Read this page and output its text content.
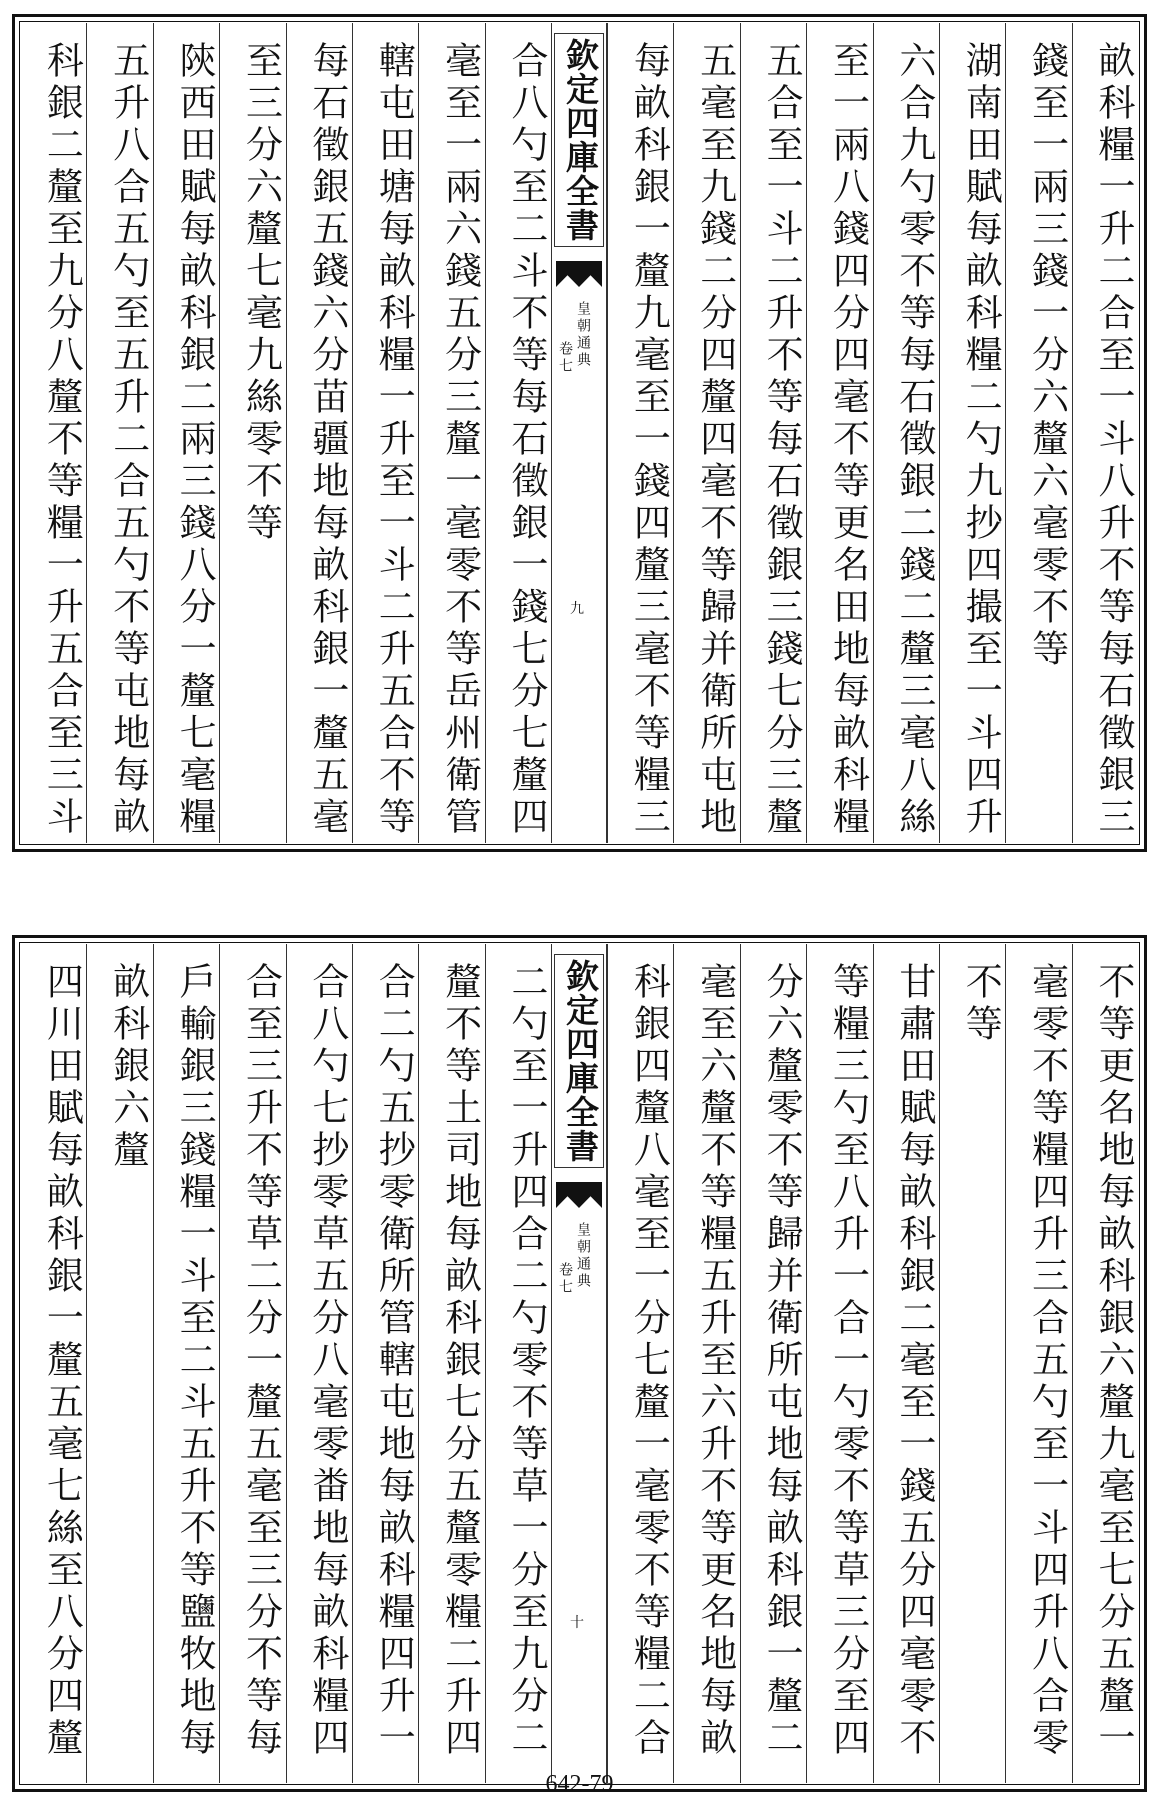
畝科糧一升二合至一斗八升不等每石徵銀三
錢至一兩三錢一分六釐六毫零不等
湖南田賦每畝科糧二勺九抄四撮至一斗四升
六合九勺零不等每石徵銀二錢二釐三毫八絲
至一兩八錢四分四毫不等更名田地每畝科糧
五合至一斗二升不等每石徵銀三錢七分三釐
五毫至九錢二分四釐四毫不等歸并衛所屯地
每畝科銀一釐九毫至一錢四釐三毫不等糧三
欽定四庫全書
皇朝通典
卷七
九
合八勺至二斗不等每石徵銀一錢七分七釐四
毫至一兩六錢五分三釐一毫零不等岳州衛管
轄屯田塘每畝科糧一升至一斗二升五合不等
每石徵銀五錢六分苗疆地每畝科銀一釐五毫
至三分六釐七毫九絲零不等
陝西田賦每畝科銀二兩三錢八分一釐七毫糧
五升八合五勺至五升二合五勺不等屯地每畝
科銀二釐至九分八釐不等糧一升五合至三斗
不等更名地每畝科銀六釐九毫至七分五釐一
毫零不等糧四升三合五勺至一斗四升八合零
不等
甘肅田賦每畝科銀二毫至一錢五分四毫零不
等糧三勺至八升一合一勺零不等草三分至四
分六釐零不等歸并衛所屯地每畝科銀一釐二
毫至六釐不等糧五升至六升不等更名地每畝
科銀四釐八毫至一分七釐一毫零不等糧二合
欽定四庫全書
皇朝通典
卷七
十
二勺至一升四合二勺零不等草一分至九分二
釐不等土司地每畝科銀七分五釐零糧二升四
合二勺五抄零衛所管轄屯地每畝科糧四升一
合八勺七抄零草五分八毫零畨地每畝科糧四
合至三升不等草二分一釐五毫至三分不等每
戶輸銀三錢糧一斗至二斗五升不等鹽牧地每
畝科銀六釐
四川田賦每畝科銀一釐五毫七絲至八分四釐
642-79
